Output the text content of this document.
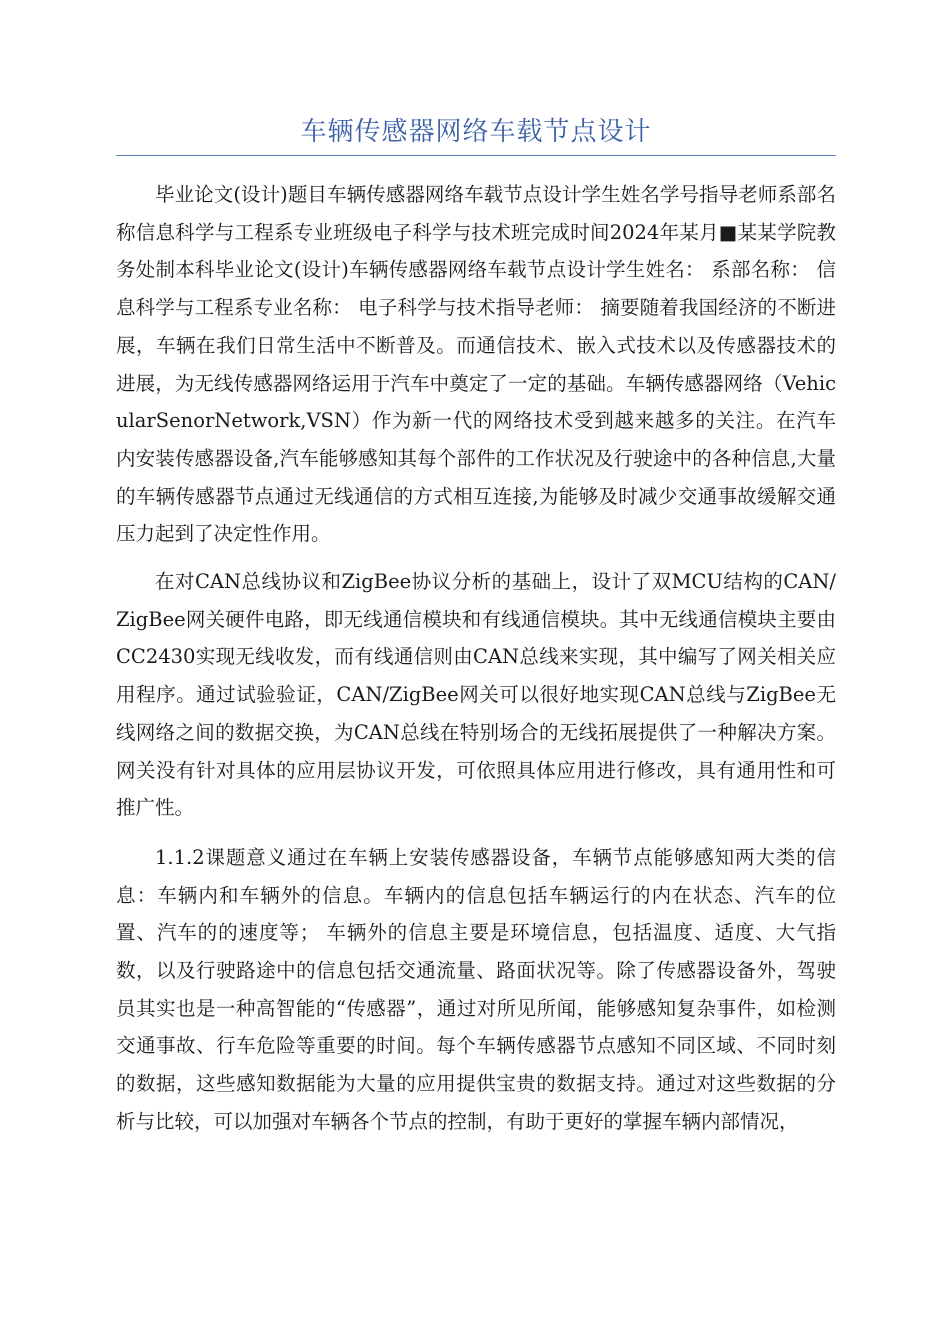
车辆传感器网络车载节点设计

毕业论文(设计)题目车辆传感器网络车载节点设计学生姓名学号指导老师系部名称信息科学与工程系专业班级电子科学与技术班完成时间2024年某月■某某学院教务处制本科毕业论文(设计)车辆传感器网络车载节点设计学生姓名： 系部名称： 信息科学与工程系专业名称： 电子科学与技术指导老师： 摘要随着我国经济的不断进展，车辆在我们日常生活中不断普及。而通信技术、嵌入式技术以及传感器技术的进展，为无线传感器网络运用于汽车中奠定了一定的基础。车辆传感器网络（VehicularSenorNetwork,VSN）作为新一代的网络技术受到越来越多的关注。在汽车内安装传感器设备,汽车能够感知其每个部件的工作状况及行驶途中的各种信息,大量的车辆传感器节点通过无线通信的方式相互连接,为能够及时减少交通事故缓解交通压力起到了决定性作用。

在对CAN总线协议和ZigBee协议分析的基础上，设计了双MCU结构的CAN/ZigBee网关硬件电路，即无线通信模块和有线通信模块。其中无线通信模块主要由CC2430实现无线收发，而有线通信则由CAN总线来实现，其中编写了网关相关应用程序。通过试验验证，CAN/ZigBee网关可以很好地实现CAN总线与ZigBee无线网络之间的数据交换，为CAN总线在特别场合的无线拓展提供了一种解决方案。网关没有针对具体的应用层协议开发，可依照具体应用进行修改，具有通用性和可推广性。

1.1.2课题意义通过在车辆上安装传感器设备，车辆节点能够感知两大类的信息：车辆内和车辆外的信息。车辆内的信息包括车辆运行的内在状态、汽车的位置、汽车的的速度等； 车辆外的信息主要是环境信息，包括温度、适度、大气指数，以及行驶路途中的信息包括交通流量、路面状况等。除了传感器设备外，驾驶员其实也是一种高智能的“传感器”，通过对所见所闻，能够感知复杂事件，如检测交通事故、行车危险等重要的时间。每个车辆传感器节点感知不同区域、不同时刻的数据，这些感知数据能为大量的应用提供宝贵的数据支持。通过对这些数据的分析与比较，可以加强对车辆各个节点的控制，有助于更好的掌握车辆内部情况，
